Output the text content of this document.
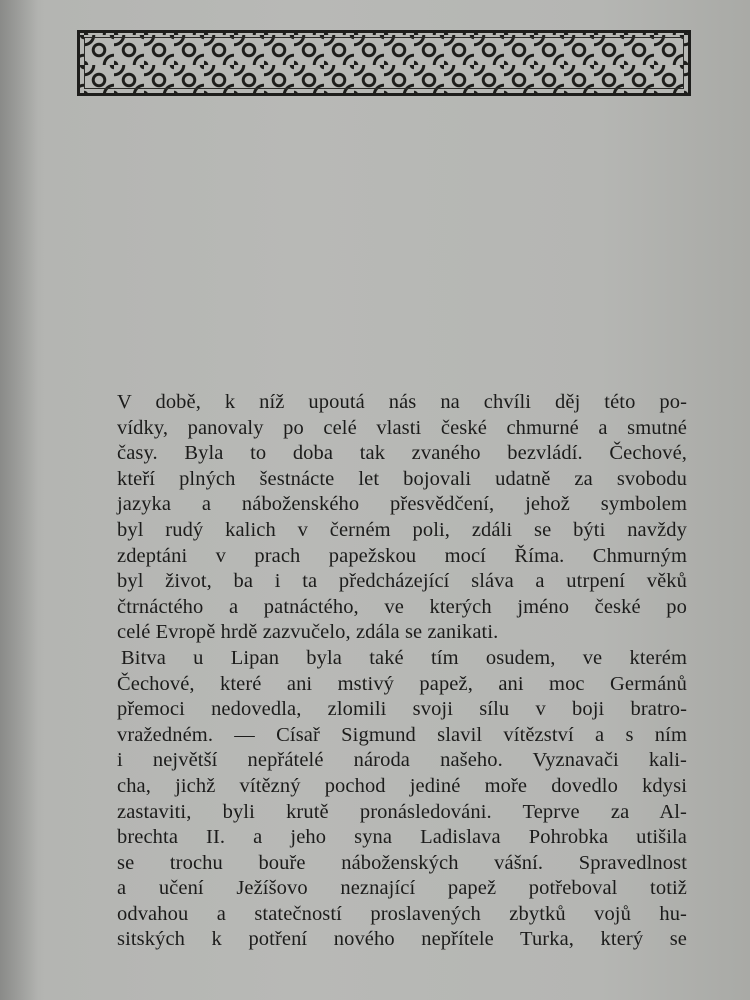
V době, k níž upoutá nás na chvíli děj této po-
vídky, panovaly po celé vlasti české chmurné a smutné
časy. Byla to doba tak zvaného bezvládí. Čechové,
kteří plných šestnácte let bojovali udatně za svobodu
jazyka a náboženského přesvědčení, jehož symbolem
byl rudý kalich v černém poli, zdáli se býti navždy
zdeptáni v prach papežskou mocí Říma. Chmurným
byl život, ba i ta předcházející sláva a utrpení věků
čtrnáctého a patnáctého, ve kterých jméno české po
celé Evropě hrdě zazvučelo, zdála se zanikati.
Bitva u Lipan byla také tím osudem, ve kterém
Čechové, které ani mstivý papež, ani moc Germánů
přemoci nedovedla, zlomili svoji sílu v boji bratro-
vražedném. — Císař Sigmund slavil vítězství a s ním
i největší nepřátelé národa našeho. Vyznavači kali-
cha, jichž vítězný pochod jediné moře dovedlo kdysi
zastaviti, byli krutě pronásledováni. Teprve za Al-
brechta II. a jeho syna Ladislava Pohrobka utišila
se trochu bouře náboženských vášní. Spravedlnost
a učení Ježíšovo neznající papež potřeboval totiž
odvahou a statečností proslavených zbytků vojů hu-
sitských k potření nového nepřítele Turka, který se
